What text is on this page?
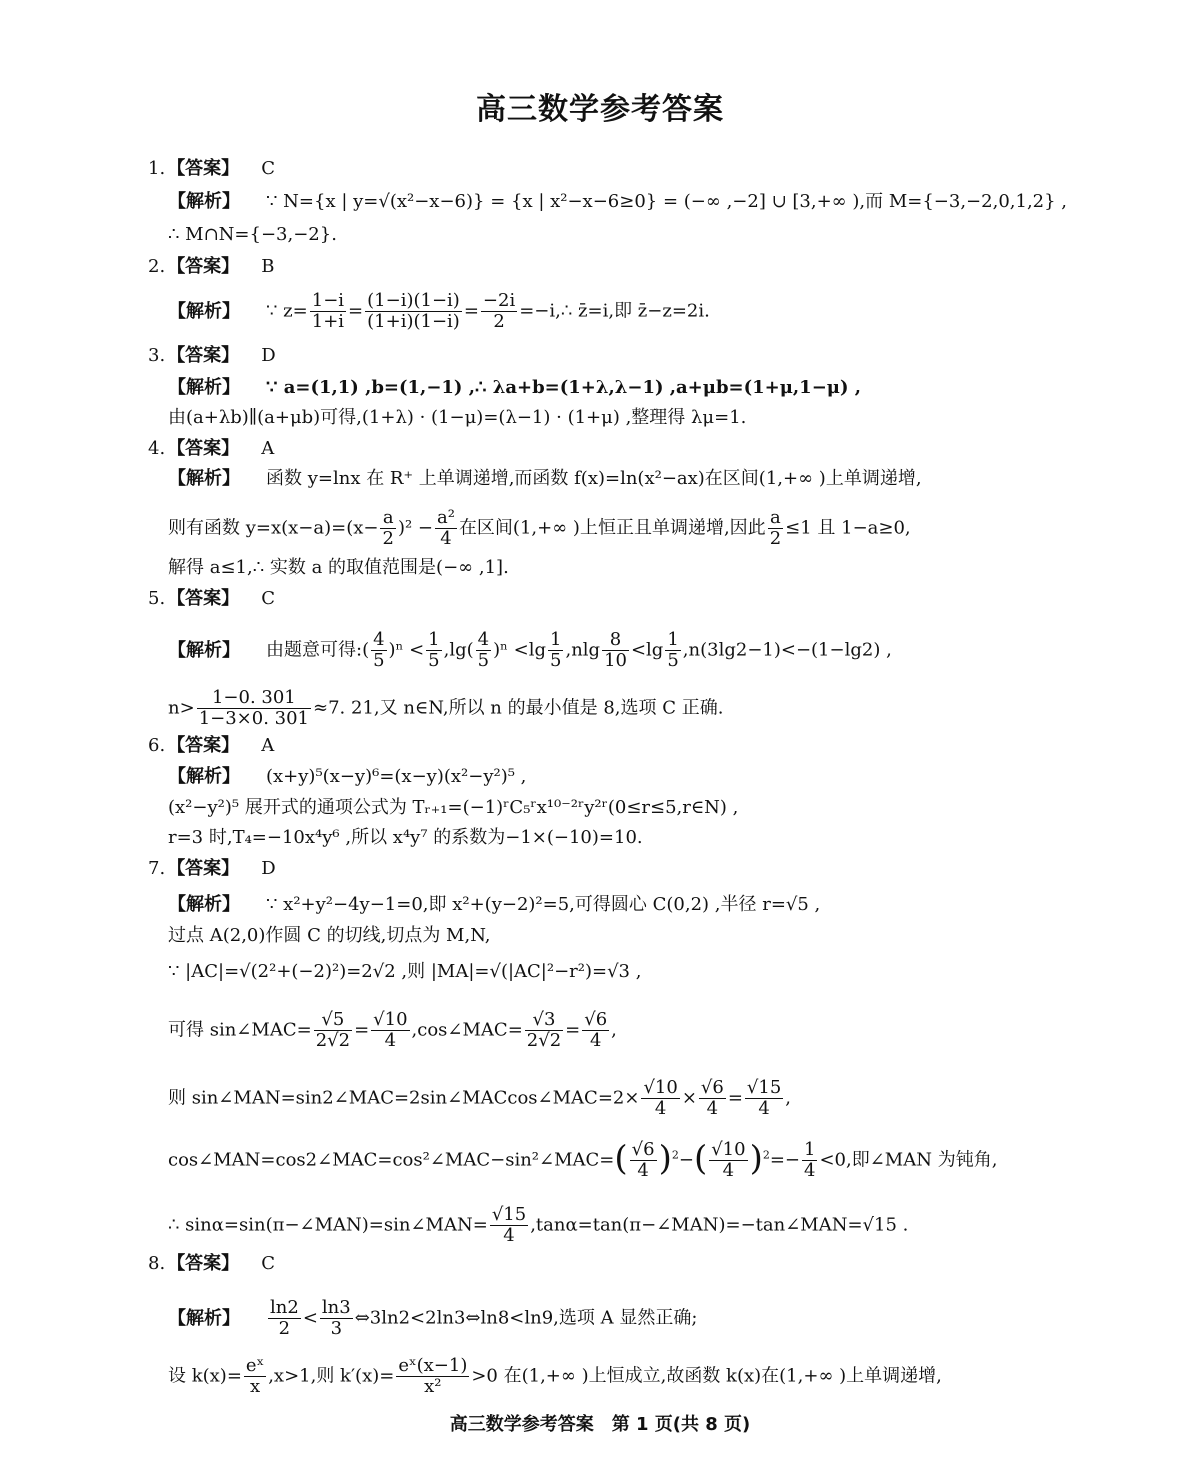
高三数学参考答案
1. 【答案】 C
【解析】 ∵ N={x | y=√(x²−x−6)} = {x | x²−x−6≥0} = (−∞ ,−2] ∪ [3,+∞ ),而 M={−3,−2,0,1,2} ,
∴ M∩N={−3,−2}.
2. 【答案】 B
【解析】 ∵ $z= \frac{1-i}{1+i} = \frac{(1-i)(1-i)}{(1+i)(1-i)} = \frac{-2i}{2}$ =−i,∴ z̄=i,即 z̄−z=2i.
3. 【答案】 D
【解析】 ∵ a=(1,1) ,b=(1,−1) ,∴ λa+b=(1+λ,λ−1) ,a+μb=(1+μ,1−μ) ,
由(a+λb)∥(a+μb)可得,(1+λ) · (1−μ)=(λ−1) · (1+μ) ,整理得 λμ=1.
4. 【答案】 A
【解析】 函数 y=lnx 在 R⁺ 上单调递增,而函数 f(x)=ln(x²−ax)在区间(1,+∞ )上单调递增,
则有函数 $y=x(x-a)=(x- \frac{a}{2} )^2 - \frac{\text{a²}}{4}$ 在区间(1,+∞ )上恒正且单调递增,因此 $\frac{a}{2} \le 1$ 且 1−a≥0,
解得 a≤1,∴ 实数 a 的取值范围是(−∞ ,1].
5. 【答案】 C
【解析】 由题意可得:( $\frac{4}{5} )^n < \frac{1}{5} ,\lg( \frac{4}{5} )^n <\lg \frac{1}{5} ,nlg \frac{8}{10} <\lg \frac{1}{5} ,n(3\lg 2-1)<-(1-\lg 2)$ ,
$n> \frac{1-0. 301}{1-3\times 0. 301} \approx 7$. 21,又 n∈N,所以 n 的最小值是 8,选项 C 正确.
6. 【答案】 A
【解析】 (x+y)⁵(x−y)⁶=(x−y)(x²−y²)⁵ ,
(x²−y²)⁵ 展开式的通项公式为 Tᵣ₊₁=(−1)ʳC₅ʳx¹⁰⁻²ʳy²ʳ(0≤r≤5,r∈N) ,
r=3 时,T₄=−10x⁴y⁶ ,所以 x⁴y⁷ 的系数为−1×(−10)=10.
7. 【答案】 D
【解析】 ∵ x²+y²−4y−1=0,即 x²+(y−2)²=5,可得圆心 C(0,2) ,半径 r=√5 ,
过点 A(2,0)作圆 C 的切线,切点为 M,N,
∵ |AC|=√(2²+(−2)²)=2√2 ,则 |MA|=√(|AC|²−r²)=√3 ,
可得 sin∠MAC= $\frac{√5}{2√2} = \frac{√10}{4}$ ,cos∠MAC= $\frac{√3}{2√2} = \frac{√6}{4}$ ,
则 sin∠MAN=sin2∠MAC=2sin∠MACcos∠MAC=2× $\frac{√10}{4} \times \frac{√6}{4} = \frac{√15}{4}$ ,
cos∠MAN=cos2∠MAC=cos²∠MAC−sin²∠MAC=( $\frac{√6}{4} )^2-( \frac{√10}{4} )^2=- \frac{1}{4} <0$,即∠MAN 为钝角,
∴ sinα=sin(π−∠MAN)=sin∠MAN= $\frac{√15}{4}$ ,tanα=tan(π−∠MAN)=−tan∠MAN=√15 .
8. 【答案】 C
【解析】 $\frac{\ln 2}{2} < \frac{\ln 3}{3}$ ⇔3ln2<2ln3⇔ln8<ln9,选项 A 显然正确;
设 $k(x)= \frac{\text{eˣ}}{x} ,x>1$,则 $k'(x)= \frac{\text{eˣ(x−1)}}{\text{x²}} >0$ 在(1,+∞ )上恒成立,故函数 k(x)在(1,+∞ )上单调递增,
高三数学参考答案　第 1 页(共 8 页)
